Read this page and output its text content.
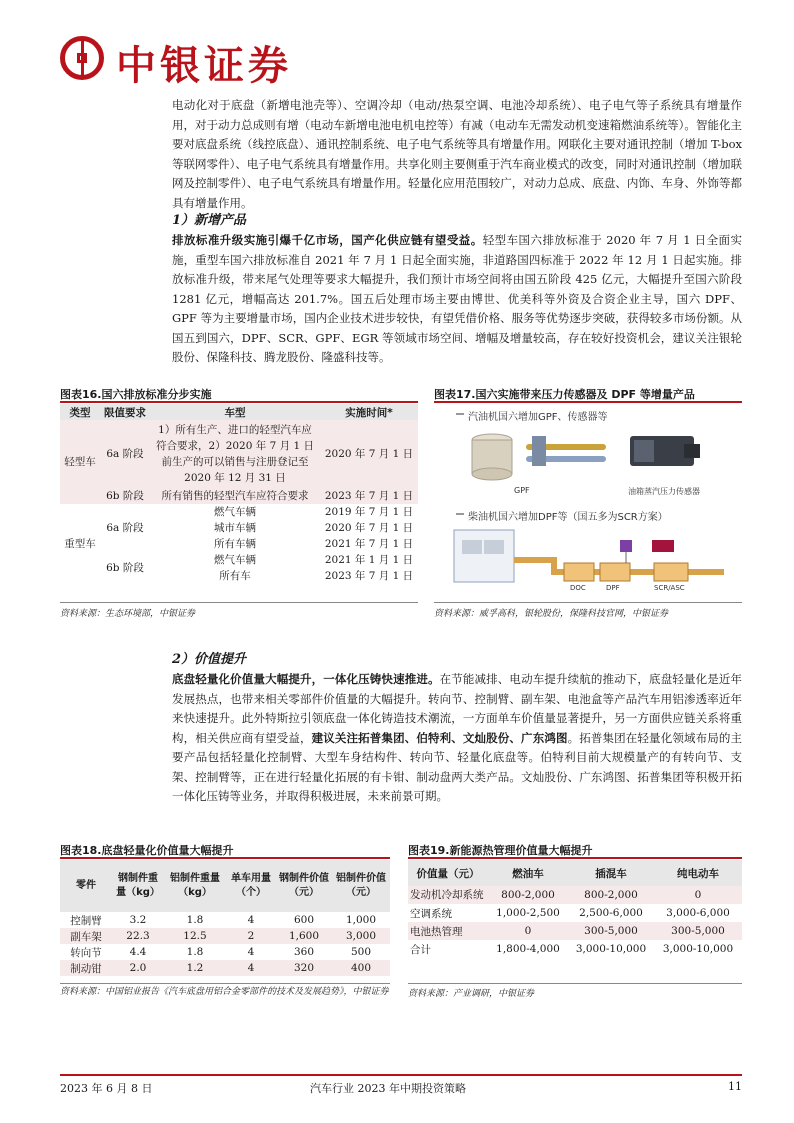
中银证券
电动化对于底盘（新增电池壳等）、空调冷却（电动/热泵空调、电池冷却系统）、电子电气等子系统具有增量作用，对于动力总成则有增（电动车新增电池电机电控等）有减（电动车无需发动机变速箱燃油系统等）。智能化主要对底盘系统（线控底盘）、通讯控制系统、电子电气系统等具有增量作用。网联化主要对通讯控制（增加 T-box 等联网零件）、电子电气系统具有增量作用。共享化则主要侧重于汽车商业模式的改变，同时对通讯控制（增加联网及控制零件）、电子电气系统具有增量作用。轻量化应用范围较广，对动力总成、底盘、内饰、车身、外饰等都具有增量作用。
1）新增产品
排放标准升级实施引爆千亿市场，国产化供应链有望受益。轻型车国六排放标准于 2020 年 7 月 1 日全面实施，重型车国六排放标准自 2021 年 7 月 1 日起全面实施，非道路国四标准于 2022 年 12 月 1 日起实施。排放标准升级，带来尾气处理等要求大幅提升，我们预计市场空间将由国五阶段 425 亿元，大幅提升至国六阶段 1281 亿元，增幅高达 201.7%。国五后处理市场主要由博世、优美科等外资及合资企业主导，国六 DPF、GPF 等为主要增量市场，国内企业技术进步较快，有望凭借价格、服务等优势逐步突破，获得较多市场份额。从国五到国六，DPF、SCR、GPF、EGR 等领域市场空间、增幅及增量较高，存在较好投资机会，建议关注银轮股份、保隆科技、腾龙股份、隆盛科技等。
图表16.国六排放标准分步实施
类型	限值要求	车型	实施时间*
轻型车	6a 阶段	1）所有生产、进口的轻型汽车应符合要求，2）2020 年 7 月 1 日前生产的可以销售与注册登记至 2020 年 12 月 31 日	2020 年 7 月 1 日
	6b 阶段	所有销售的轻型汽车应符合要求	2023 年 7 月 1 日
重型车	6a 阶段	燃气车辆	2019 年 7 月 1 日
		城市车辆	2020 年 7 月 1 日
		所有车辆	2021 年 7 月 1 日
	6b 阶段	燃气车辆	2021 年 1 月 1 日
		所有车	2023 年 7 月 1 日
资料来源：生态环境部，中银证券
图表17.国六实施带来压力传感器及 DPF 等增量产品
汽油机国六增加GPF、传感器等
GPF	油箱蒸汽压力传感器
柴油机国六增加DPF等（国五多为SCR方案）
DOC	DPF	SCR/ASC
资料来源：威孚高科，银轮股份，保隆科技官网，中银证券
2）价值提升
底盘轻量化价值量大幅提升，一体化压铸快速推进。在节能减排、电动车提升续航的推动下，底盘轻量化是近年发展热点，也带来相关零部件价值量的大幅提升。转向节、控制臂、副车架、电池盒等产品汽车用铝渗透率近年来快速提升。此外特斯拉引领底盘一体化铸造技术潮流，一方面单车价值量显著提升，另一方面供应链关系将重构，相关供应商有望受益，建议关注拓普集团、伯特利、文灿股份、广东鸿图。拓普集团在轻量化领域布局的主要产品包括轻量化控制臂、大型车身结构件、转向节、轻量化底盘等。伯特利目前大规模量产的有转向节、支架、控制臂等，正在进行轻量化拓展的有卡钳、制动盘两大类产品。文灿股份、广东鸿图、拓普集团等积极开拓一体化压铸等业务，并取得积极进展，未来前景可期。
图表18.底盘轻量化价值量大幅提升
零件	钢制件重量（kg）	铝制件重量（kg）	单车用量（个）	钢制件价值（元）	铝制件价值（元）
控制臂	3.2	1.8	4	600	1,000
副车架	22.3	12.5	2	1,600	3,000
转向节	4.4	1.8	4	360	500
制动钳	2.0	1.2	4	320	400
资料来源：中国铝业报告《汽车底盘用铝合金零部件的技术及发展趋势》，中银证券
图表19.新能源热管理价值量大幅提升
价值量（元）	燃油车	插混车	纯电动车
发动机冷却系统	800-2,000	800-2,000	0
空调系统	1,000-2,500	2,500-6,000	3,000-6,000
电池热管理	0	300-5,000	300-5,000
合计	1,800-4,000	3,000-10,000	3,000-10,000
资料来源：产业调研，中银证券
2023 年 6 月 8 日	汽车行业 2023 年中期投资策略	11
